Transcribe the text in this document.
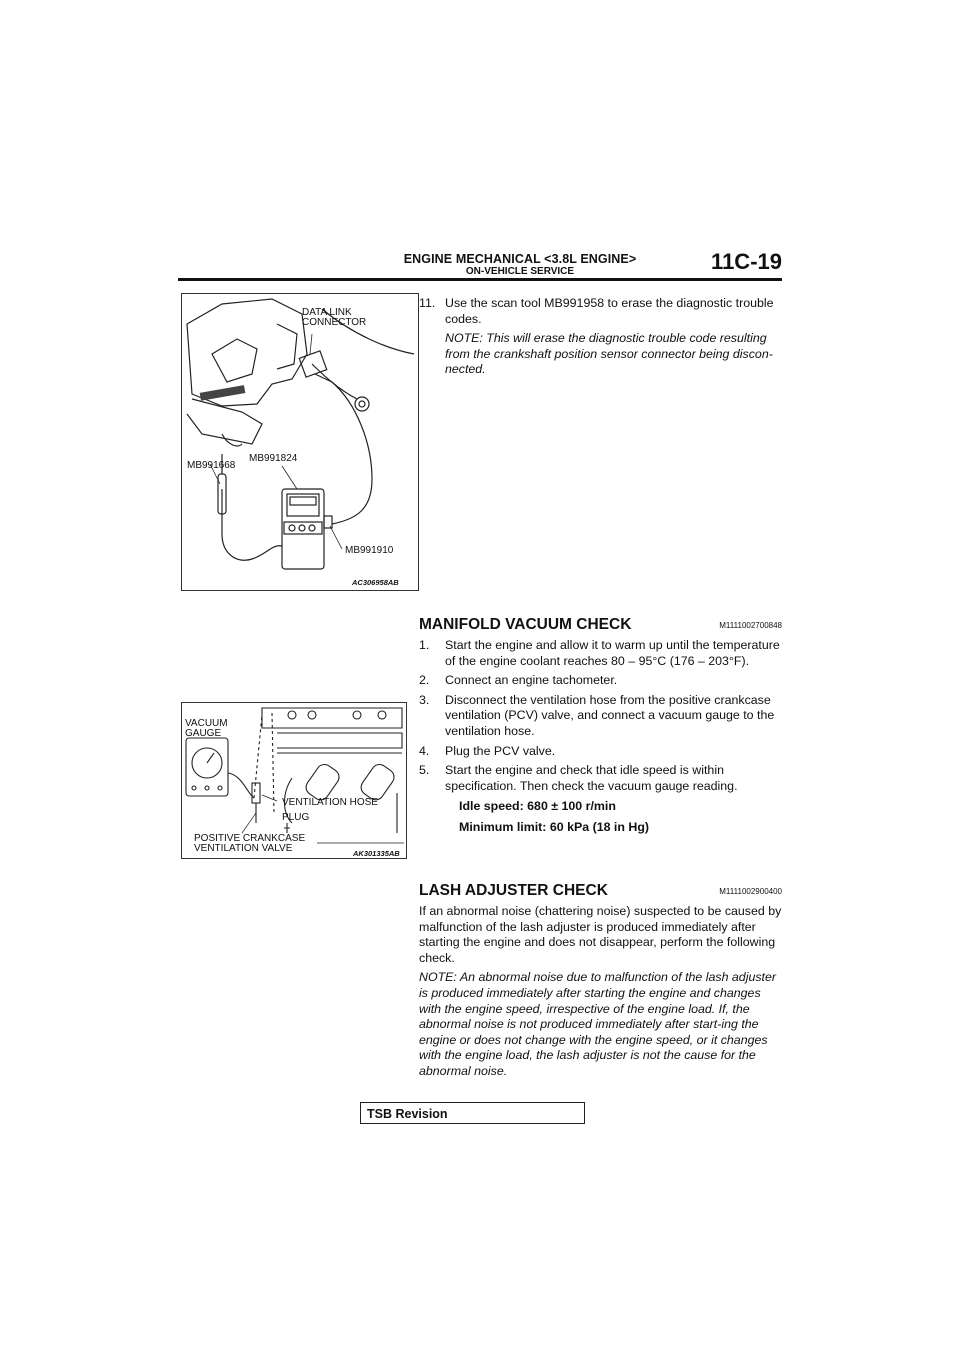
ENGINE MECHANICAL <3.8L ENGINE>
ON-VEHICLE SERVICE	11C-19
DATA LINK
CONNECTOR
MB991668
MB991824
MB991910
AC306958AB

11. Use the scan tool MB991958 to erase the diagnostic trouble codes.

NOTE: This will erase the diagnostic trouble code resulting from the crankshaft position sensor connector being discon-nected.

MANIFOLD VACUUM CHECK	M1111002700848

1. Start the engine and allow it to warm up until the temperature of the engine coolant reaches 80 – 95°C (176 – 203°F).

2. Connect an engine tachometer.

3. Disconnect the ventilation hose from the positive crankcase ventilation (PCV) valve, and connect a vacuum gauge to the ventilation hose.

4. Plug the PCV valve.

5. Start the engine and check that idle speed is within specification. Then check the vacuum gauge reading.

Idle speed: 680 ± 100 r/min

Minimum limit: 60 kPa (18 in Hg)

VACUUM
GAUGE
VENTILATION HOSE
PLUG
POSITIVE CRANKCASE
VENTILATION VALVE	AK301335AB
LASH ADJUSTER CHECK	M1111002900400

If an abnormal noise (chattering noise) suspected to be caused by malfunction of the lash adjuster is produced immediately after starting the engine and does not disappear, perform the following check.

NOTE: An abnormal noise due to malfunction of the lash adjuster is produced immediately after starting the engine and changes with the engine speed, irrespective of the engine load. If, the abnormal noise is not produced immediately after start-ing the engine or does not change with the engine speed, or it changes with the engine load, the lash adjuster is not the cause for the abnormal noise.

TSB Revision
